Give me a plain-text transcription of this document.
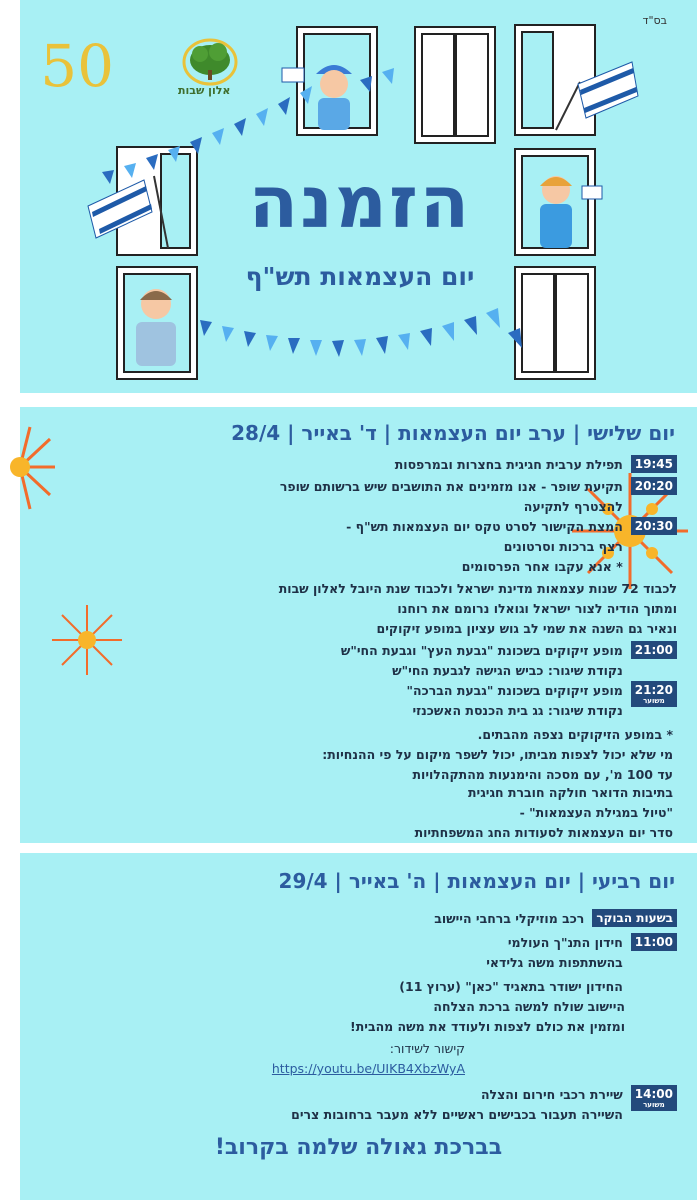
בס"ד
50	אלון שבות
הזמנה
יום העצמאות תש"ף
יום שלישי | ערב יום העצמאות | ד' באייר | 28/4
19:45
תפילת ערבית חגיגית בחצרות ובמרפסות
20:20
תקיעת שופר - אנו מזמינים את התושבים שיש ברשותם שופר
להצטרף לתקיעה
20:30
המצת הקישור לסרט טקס יום העצמאות תש"ף -
רצף ברכות וסרטונים
* אנא עקבו אחר הפרסומים
לכבוד 72 שנות עצמאות מדינת ישראל ולכבוד שנת היובל לאלון שבות
ומתוך הודיה לצור ישראל וגואלו נרומם את רוחנו
ונאיר גם השנה את שמי לב גוש עציון במופע זיקוקים
21:00
מופע זיקוקים בשכונת "גבעת העץ" וגבעת החי"ש
נקודת שיגור: כביש הגישה לגבעת החי"ש
21:20
משוער
מופע זיקוקים בשכונת "גבעת הברכה"
נקודת שיגור: גג בית הכנסת האשכנזי
* במופע הזיקוקים נצפה מהבתים.
מי שלא יכול לצפות מביתו, יכול לשפר מיקום על פי ההנחיות:
עד 100 מ', עם מסכה והימנעות מהתקהלויות
בתיבות הדואר חולקה חוברת חגיגית
"טיול במגילת העצמאות" -
סדר יום העצמאות לסעודות החג המשפחתיות
יום רביעי | יום העצמאות | ה' באייר | 29/4
בשעות הבוקר
רכב מוזיקלי ברחבי היישוב
11:00
חידון התנ"ך העולמי
בהשתתפות משה גלידאי
החידון ישודר בתאגיד "כאן" (ערוץ 11)
היישוב שולח למשה ברכת הצלחה
ומזמין את כולם לצפות ולעודד את משה מהבית!
קישור לשידור:
https://youtu.be/UIKB4XbzWyA
14:00
משוער
שיירת רכבי חירום והצלה
השיירה תעבור בכבישים ראשיים ללא מעבר ברחובות צרים
בברכת גאולה שלמה בקרוב!
